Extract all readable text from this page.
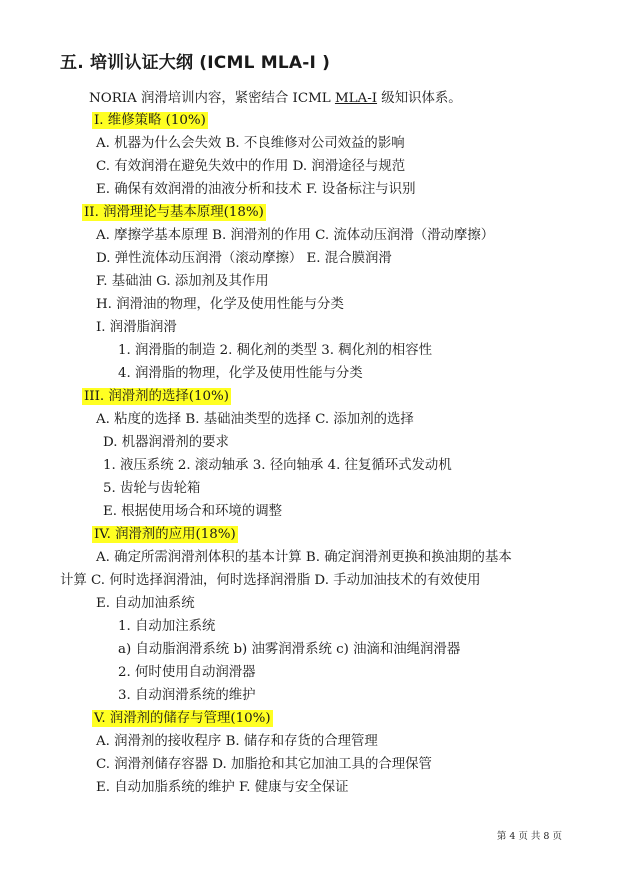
五. 培训认证大纲 (ICML MLA-I )
NORIA 润滑培训内容，紧密结合 ICML MLA-I 级知识体系。
I. 维修策略 (10%)
A. 机器为什么会失效 B. 不良维修对公司效益的影响
C. 有效润滑在避免失效中的作用 D. 润滑途径与规范
E. 确保有效润滑的油液分析和技术 F. 设备标注与识别
II. 润滑理论与基本原理(18%)
A. 摩擦学基本原理 B. 润滑剂的作用 C. 流体动压润滑（滑动摩擦）
D. 弹性流体动压润滑（滚动摩擦） E. 混合膜润滑
F. 基础油 G. 添加剂及其作用
H. 润滑油的物理，化学及使用性能与分类
I. 润滑脂润滑
1. 润滑脂的制造 2. 稠化剂的类型 3. 稠化剂的相容性
4. 润滑脂的物理，化学及使用性能与分类
III. 润滑剂的选择(10%)
A. 粘度的选择 B. 基础油类型的选择 C. 添加剂的选择
D. 机器润滑剂的要求
1. 液压系统 2. 滚动轴承 3. 径向轴承 4. 往复循环式发动机
5. 齿轮与齿轮箱
E. 根据使用场合和环境的调整
IV. 润滑剂的应用(18%)
A. 确定所需润滑剂体积的基本计算 B. 确定润滑剂更换和换油期的基本
计算 C. 何时选择润滑油，何时选择润滑脂 D. 手动加油技术的有效使用
E. 自动加油系统
1. 自动加注系统
a) 自动脂润滑系统 b) 油雾润滑系统 c) 油滴和油绳润滑器
2. 何时使用自动润滑器
3. 自动润滑系统的维护
V. 润滑剂的储存与管理(10%)
A. 润滑剂的接收程序 B. 储存和存货的合理管理
C. 润滑剂储存容器 D. 加脂抢和其它加油工具的合理保管
E. 自动加脂系统的维护 F. 健康与安全保证
第 4 页 共 8 页
